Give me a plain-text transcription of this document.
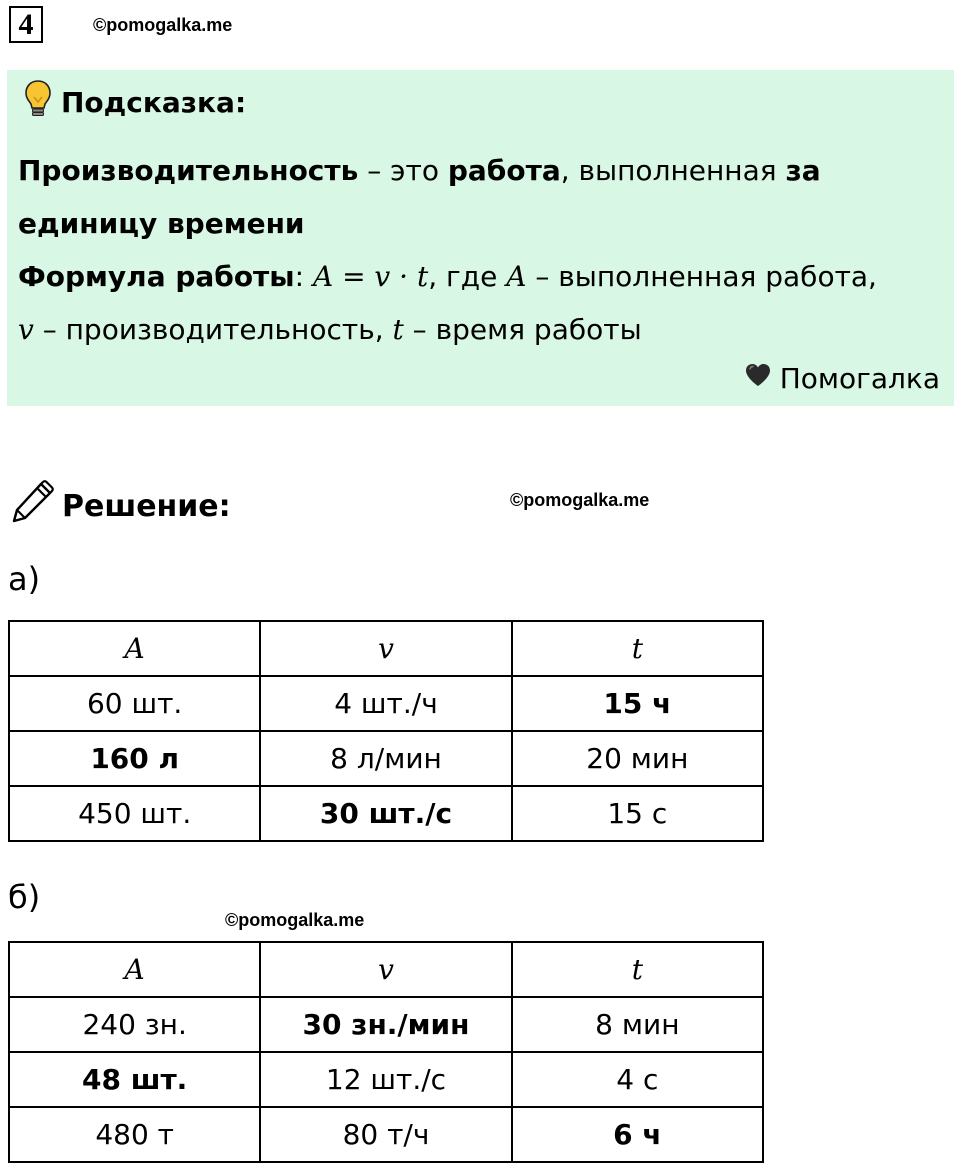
4	©pomogalka.me
Подсказка:
Производительность – это работа, выполненная за единицу времени
Формула работы: A = v · t, где A – выполненная работа,
v – производительность, t – время работы
Помогалка
Решение:	©pomogalka.me
а)
A	v	t
60 шт.	4 шт./ч	15 ч
160 л	8 л/мин	20 мин
450 шт.	30 шт./с	15 с
б)
©pomogalka.me
A	v	t
240 зн.	30 зн./мин	8 мин
48 шт.	12 шт./с	4 с
480 т	80 т/ч	6 ч
